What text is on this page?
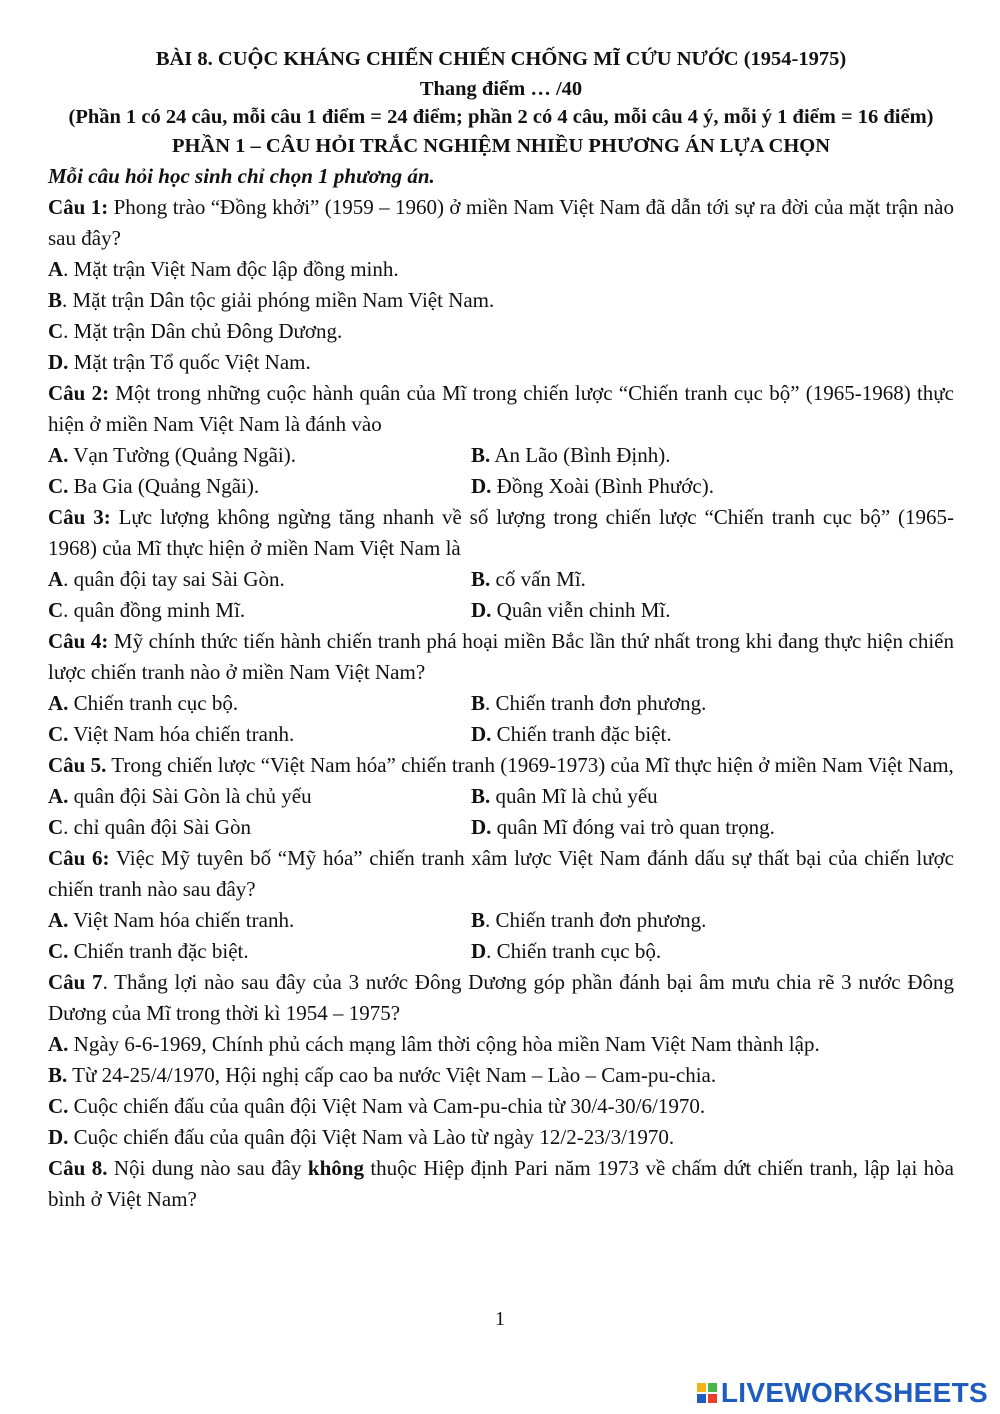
BÀI 8. CUỘC KHÁNG CHIẾN CHIẾN CHỐNG MĨ CỨU NƯỚC (1954-1975)
Thang điểm … /40
(Phần 1 có 24 câu, mỗi câu 1 điểm = 24 điểm; phần 2 có 4 câu, mỗi câu 4 ý, mỗi ý 1 điểm = 16 điểm)
PHẦN 1 – CÂU HỎI TRẮC NGHIỆM NHIỀU PHƯƠNG ÁN LỰA CHỌN
Mỗi câu hỏi học sinh chỉ chọn 1 phương án.
Câu 1: Phong trào “Đồng khởi” (1959 – 1960) ở miền Nam Việt Nam đã dẫn tới sự ra đời của mặt trận nào sau đây?
A. Mặt trận Việt Nam độc lập đồng minh.
B. Mặt trận Dân tộc giải phóng miền Nam Việt Nam.
C. Mặt trận Dân chủ Đông Dương.
D. Mặt trận Tổ quốc Việt Nam.
Câu 2: Một trong những cuộc hành quân của Mĩ trong chiến lược “Chiến tranh cục bộ” (1965-1968) thực hiện ở miền Nam Việt Nam là đánh vào
A. Vạn Tường (Quảng Ngãi).	B. An Lão (Bình Định).
C. Ba Gia (Quảng Ngãi).	D. Đồng Xoài (Bình Phước).
Câu 3: Lực lượng không ngừng tăng nhanh về số lượng trong chiến lược “Chiến tranh cục bộ” (1965-1968) của Mĩ thực hiện ở miền Nam Việt Nam là
A. quân đội tay sai Sài Gòn.	B. cố vấn Mĩ.
C. quân đồng minh Mĩ.	D. Quân viễn chinh Mĩ.
Câu 4: Mỹ chính thức tiến hành chiến tranh phá hoại miền Bắc lần thứ nhất trong khi đang thực hiện chiến lược chiến tranh nào ở miền Nam Việt Nam?
A. Chiến tranh cục bộ.	B. Chiến tranh đơn phương.
C. Việt Nam hóa chiến tranh.	D. Chiến tranh đặc biệt.
Câu 5. Trong chiến lược “Việt Nam hóa” chiến tranh (1969-1973) của Mĩ thực hiện ở miền Nam Việt Nam,
A. quân đội Sài Gòn là chủ yếu	B. quân Mĩ là chủ yếu
C. chỉ quân đội Sài Gòn	D. quân Mĩ đóng vai trò quan trọng.
Câu 6: Việc Mỹ tuyên bố “Mỹ hóa” chiến tranh xâm lược Việt Nam đánh dấu sự thất bại của chiến lược chiến tranh nào sau đây?
A. Việt Nam hóa chiến tranh.	B. Chiến tranh đơn phương.
C. Chiến tranh đặc biệt.	D. Chiến tranh cục bộ.
Câu 7. Thắng lợi nào sau đây của 3 nước Đông Dương góp phần đánh bại âm mưu chia rẽ 3 nước Đông Dương của Mĩ trong thời kì 1954 – 1975?
A. Ngày 6-6-1969, Chính phủ cách mạng lâm thời cộng hòa miền Nam Việt Nam thành lập.
B. Từ 24-25/4/1970, Hội nghị cấp cao ba nước Việt Nam – Lào – Cam-pu-chia.
C. Cuộc chiến đấu của quân đội Việt Nam và Cam-pu-chia từ 30/4-30/6/1970.
D. Cuộc chiến đấu của quân đội Việt Nam và Lào từ ngày 12/2-23/3/1970.
Câu 8. Nội dung nào sau đây không thuộc Hiệp định Pari năm 1973 về chấm dứt chiến tranh, lập lại hòa bình ở Việt Nam?
1
LIVEWORKSHEETS
